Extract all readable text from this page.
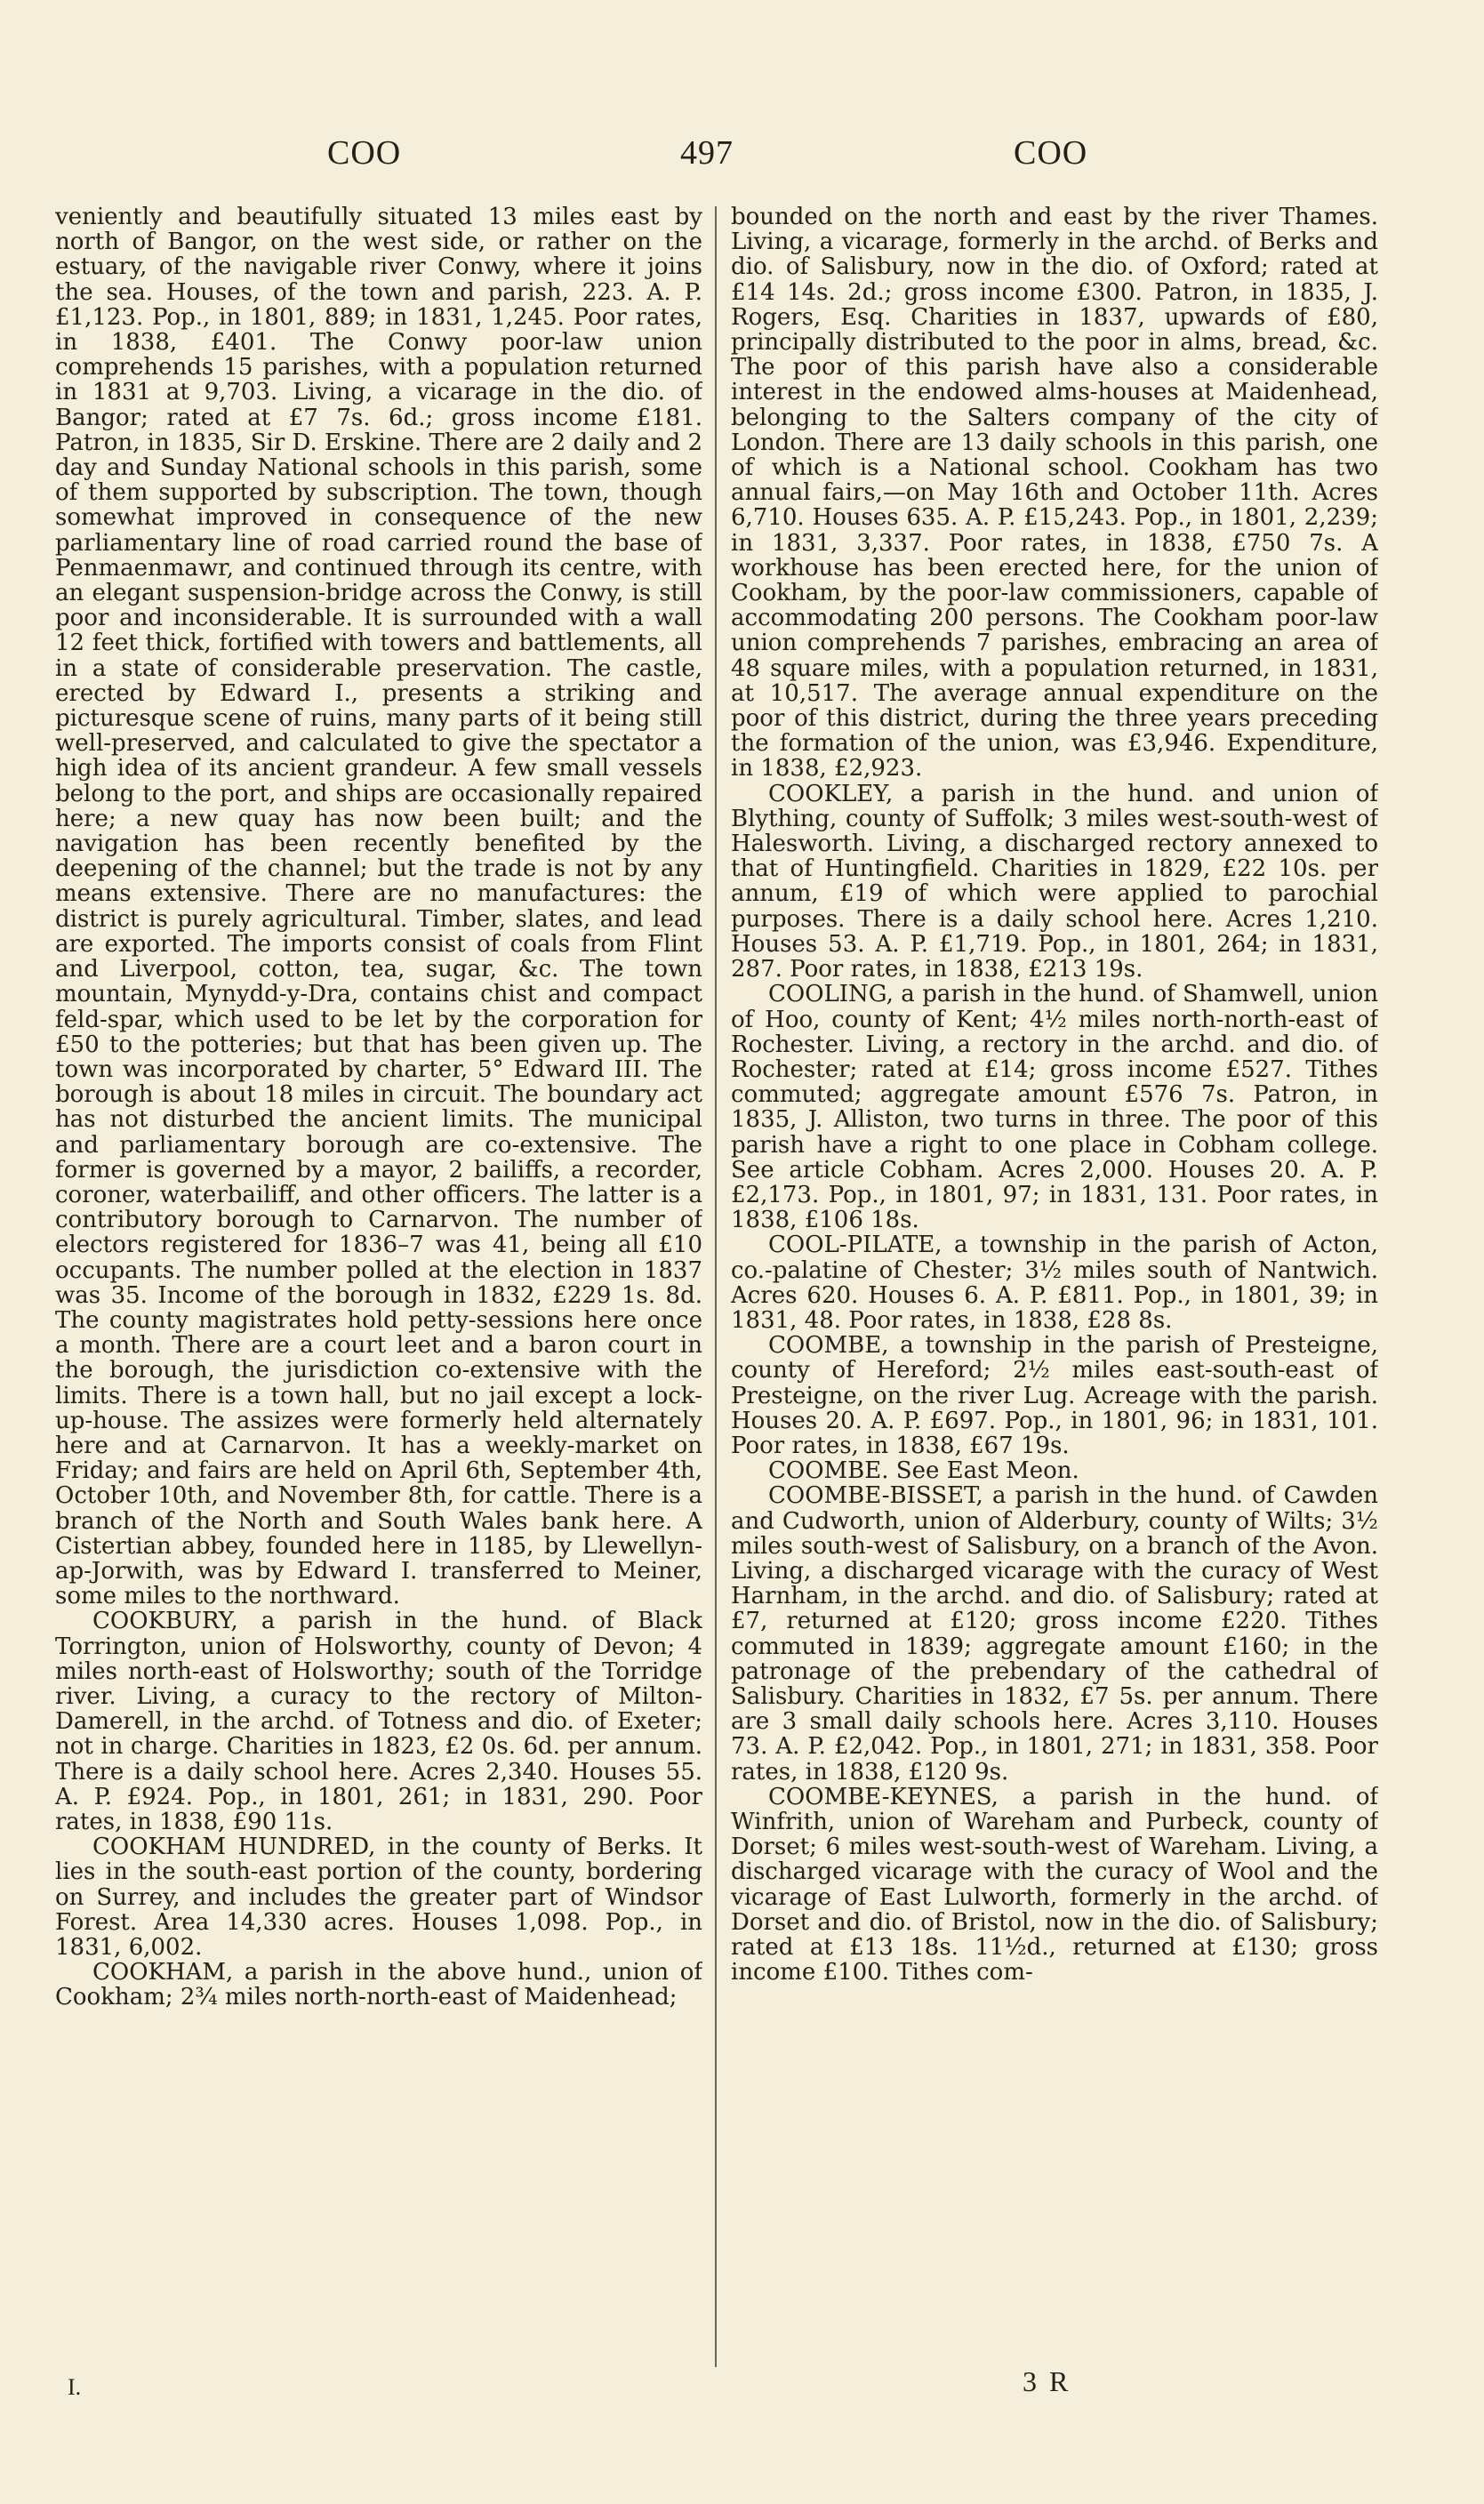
COO	497	COO

veniently and beautifully situated 13 miles east by north of Bangor, on the west side, or rather on the estuary, of the navigable river Conwy, where it joins the sea. Houses, of the town and parish, 223. A. P. £1,123. Pop., in 1801, 889; in 1831, 1,245. Poor rates, in 1838, £401. The Conwy poor-law union comprehends 15 parishes, with a population returned in 1831 at 9,703. Living, a vicarage in the dio. of Bangor; rated at £7 7s. 6d.; gross income £181. Patron, in 1835, Sir D. Erskine. There are 2 daily and 2 day and Sunday National schools in this parish, some of them supported by subscription. The town, though somewhat improved in consequence of the new parliamentary line of road carried round the base of Penmaenmawr, and continued through its centre, with an elegant suspension-bridge across the Conwy, is still poor and inconsiderable. It is surrounded with a wall 12 feet thick, fortified with towers and battlements, all in a state of considerable preservation. The castle, erected by Edward I., presents a striking and picturesque scene of ruins, many parts of it being still well-preserved, and calculated to give the spectator a high idea of its ancient grandeur. A few small vessels belong to the port, and ships are occasionally repaired here; a new quay has now been built; and the navigation has been recently benefited by the deepening of the channel; but the trade is not by any means extensive. There are no manufactures: the district is purely agricultural. Timber, slates, and lead are exported. The imports consist of coals from Flint and Liverpool, cotton, tea, sugar, &c. The town mountain, Mynydd-y-Dra, contains chist and compact feld-spar, which used to be let by the corporation for £50 to the potteries; but that has been given up. The town was incorporated by charter, 5° Edward III. The borough is about 18 miles in circuit. The boundary act has not disturbed the ancient limits. The municipal and parliamentary borough are co-extensive. The former is governed by a mayor, 2 bailiffs, a recorder, coroner, waterbailiff, and other officers. The latter is a contributory borough to Carnarvon. The number of electors registered for 1836–7 was 41, being all £10 occupants. The number polled at the election in 1837 was 35. Income of the borough in 1832, £229 1s. 8d. The county magistrates hold petty-sessions here once a month. There are a court leet and a baron court in the borough, the jurisdiction co-extensive with the limits. There is a town hall, but no jail except a lock-up-house. The assizes were formerly held alternately here and at Carnarvon. It has a weekly-market on Friday; and fairs are held on April 6th, September 4th, October 10th, and November 8th, for cattle. There is a branch of the North and South Wales bank here. A Cistertian abbey, founded here in 1185, by Llewellyn-ap-Jorwith, was by Edward I. transferred to Meiner, some miles to the northward.

COOKBURY, a parish in the hund. of Black Torrington, union of Holsworthy, county of Devon; 4 miles north-east of Holsworthy; south of the Torridge river. Living, a curacy to the rectory of Milton-Damerell, in the archd. of Totness and dio. of Exeter; not in charge. Charities in 1823, £2 0s. 6d. per annum. There is a daily school here. Acres 2,340. Houses 55. A. P. £924. Pop., in 1801, 261; in 1831, 290. Poor rates, in 1838, £90 11s.

COOKHAM HUNDRED, in the county of Berks. It lies in the south-east portion of the county, bordering on Surrey, and includes the greater part of Windsor Forest. Area 14,330 acres. Houses 1,098. Pop., in 1831, 6,002.

COOKHAM, a parish in the above hund., union of Cookham; 2¾ miles north-north-east of Maidenhead;

bounded on the north and east by the river Thames. Living, a vicarage, formerly in the archd. of Berks and dio. of Salisbury, now in the dio. of Oxford; rated at £14 14s. 2d.; gross income £300. Patron, in 1835, J. Rogers, Esq. Charities in 1837, upwards of £80, principally distributed to the poor in alms, bread, &c. The poor of this parish have also a considerable interest in the endowed alms-houses at Maidenhead, belonging to the Salters company of the city of London. There are 13 daily schools in this parish, one of which is a National school. Cookham has two annual fairs,—on May 16th and October 11th. Acres 6,710. Houses 635. A. P. £15,243. Pop., in 1801, 2,239; in 1831, 3,337. Poor rates, in 1838, £750 7s. A workhouse has been erected here, for the union of Cookham, by the poor-law commissioners, capable of accommodating 200 persons. The Cookham poor-law union comprehends 7 parishes, embracing an area of 48 square miles, with a population returned, in 1831, at 10,517. The average annual expenditure on the poor of this district, during the three years preceding the formation of the union, was £3,946. Expenditure, in 1838, £2,923.

COOKLEY, a parish in the hund. and union of Blything, county of Suffolk; 3 miles west-south-west of Halesworth. Living, a discharged rectory annexed to that of Huntingfield. Charities in 1829, £22 10s. per annum, £19 of which were applied to parochial purposes. There is a daily school here. Acres 1,210. Houses 53. A. P. £1,719. Pop., in 1801, 264; in 1831, 287. Poor rates, in 1838, £213 19s.

COOLING, a parish in the hund. of Shamwell, union of Hoo, county of Kent; 4½ miles north-north-east of Rochester. Living, a rectory in the archd. and dio. of Rochester; rated at £14; gross income £527. Tithes commuted; aggregate amount £576 7s. Patron, in 1835, J. Alliston, two turns in three. The poor of this parish have a right to one place in Cobham college. See article Cobham. Acres 2,000. Houses 20. A. P. £2,173. Pop., in 1801, 97; in 1831, 131. Poor rates, in 1838, £106 18s.

COOL-PILATE, a township in the parish of Acton, co.-palatine of Chester; 3½ miles south of Nantwich. Acres 620. Houses 6. A. P. £811. Pop., in 1801, 39; in 1831, 48. Poor rates, in 1838, £28 8s.

COOMBE, a township in the parish of Presteigne, county of Hereford; 2½ miles east-south-east of Presteigne, on the river Lug. Acreage with the parish. Houses 20. A. P. £697. Pop., in 1801, 96; in 1831, 101. Poor rates, in 1838, £67 19s.

COOMBE. See East Meon.

COOMBE-BISSET, a parish in the hund. of Cawden and Cudworth, union of Alderbury, county of Wilts; 3½ miles south-west of Salisbury, on a branch of the Avon. Living, a discharged vicarage with the curacy of West Harnham, in the archd. and dio. of Salisbury; rated at £7, returned at £120; gross income £220. Tithes commuted in 1839; aggregate amount £160; in the patronage of the prebendary of the cathedral of Salisbury. Charities in 1832, £7 5s. per annum. There are 3 small daily schools here. Acres 3,110. Houses 73. A. P. £2,042. Pop., in 1801, 271; in 1831, 358. Poor rates, in 1838, £120 9s.

COOMBE-KEYNES, a parish in the hund. of Winfrith, union of Wareham and Purbeck, county of Dorset; 6 miles west-south-west of Wareham. Living, a discharged vicarage with the curacy of Wool and the vicarage of East Lulworth, formerly in the archd. of Dorset and dio. of Bristol, now in the dio. of Salisbury; rated at £13 18s. 11½d., returned at £130; gross income £100. Tithes com-

I.	3 R
